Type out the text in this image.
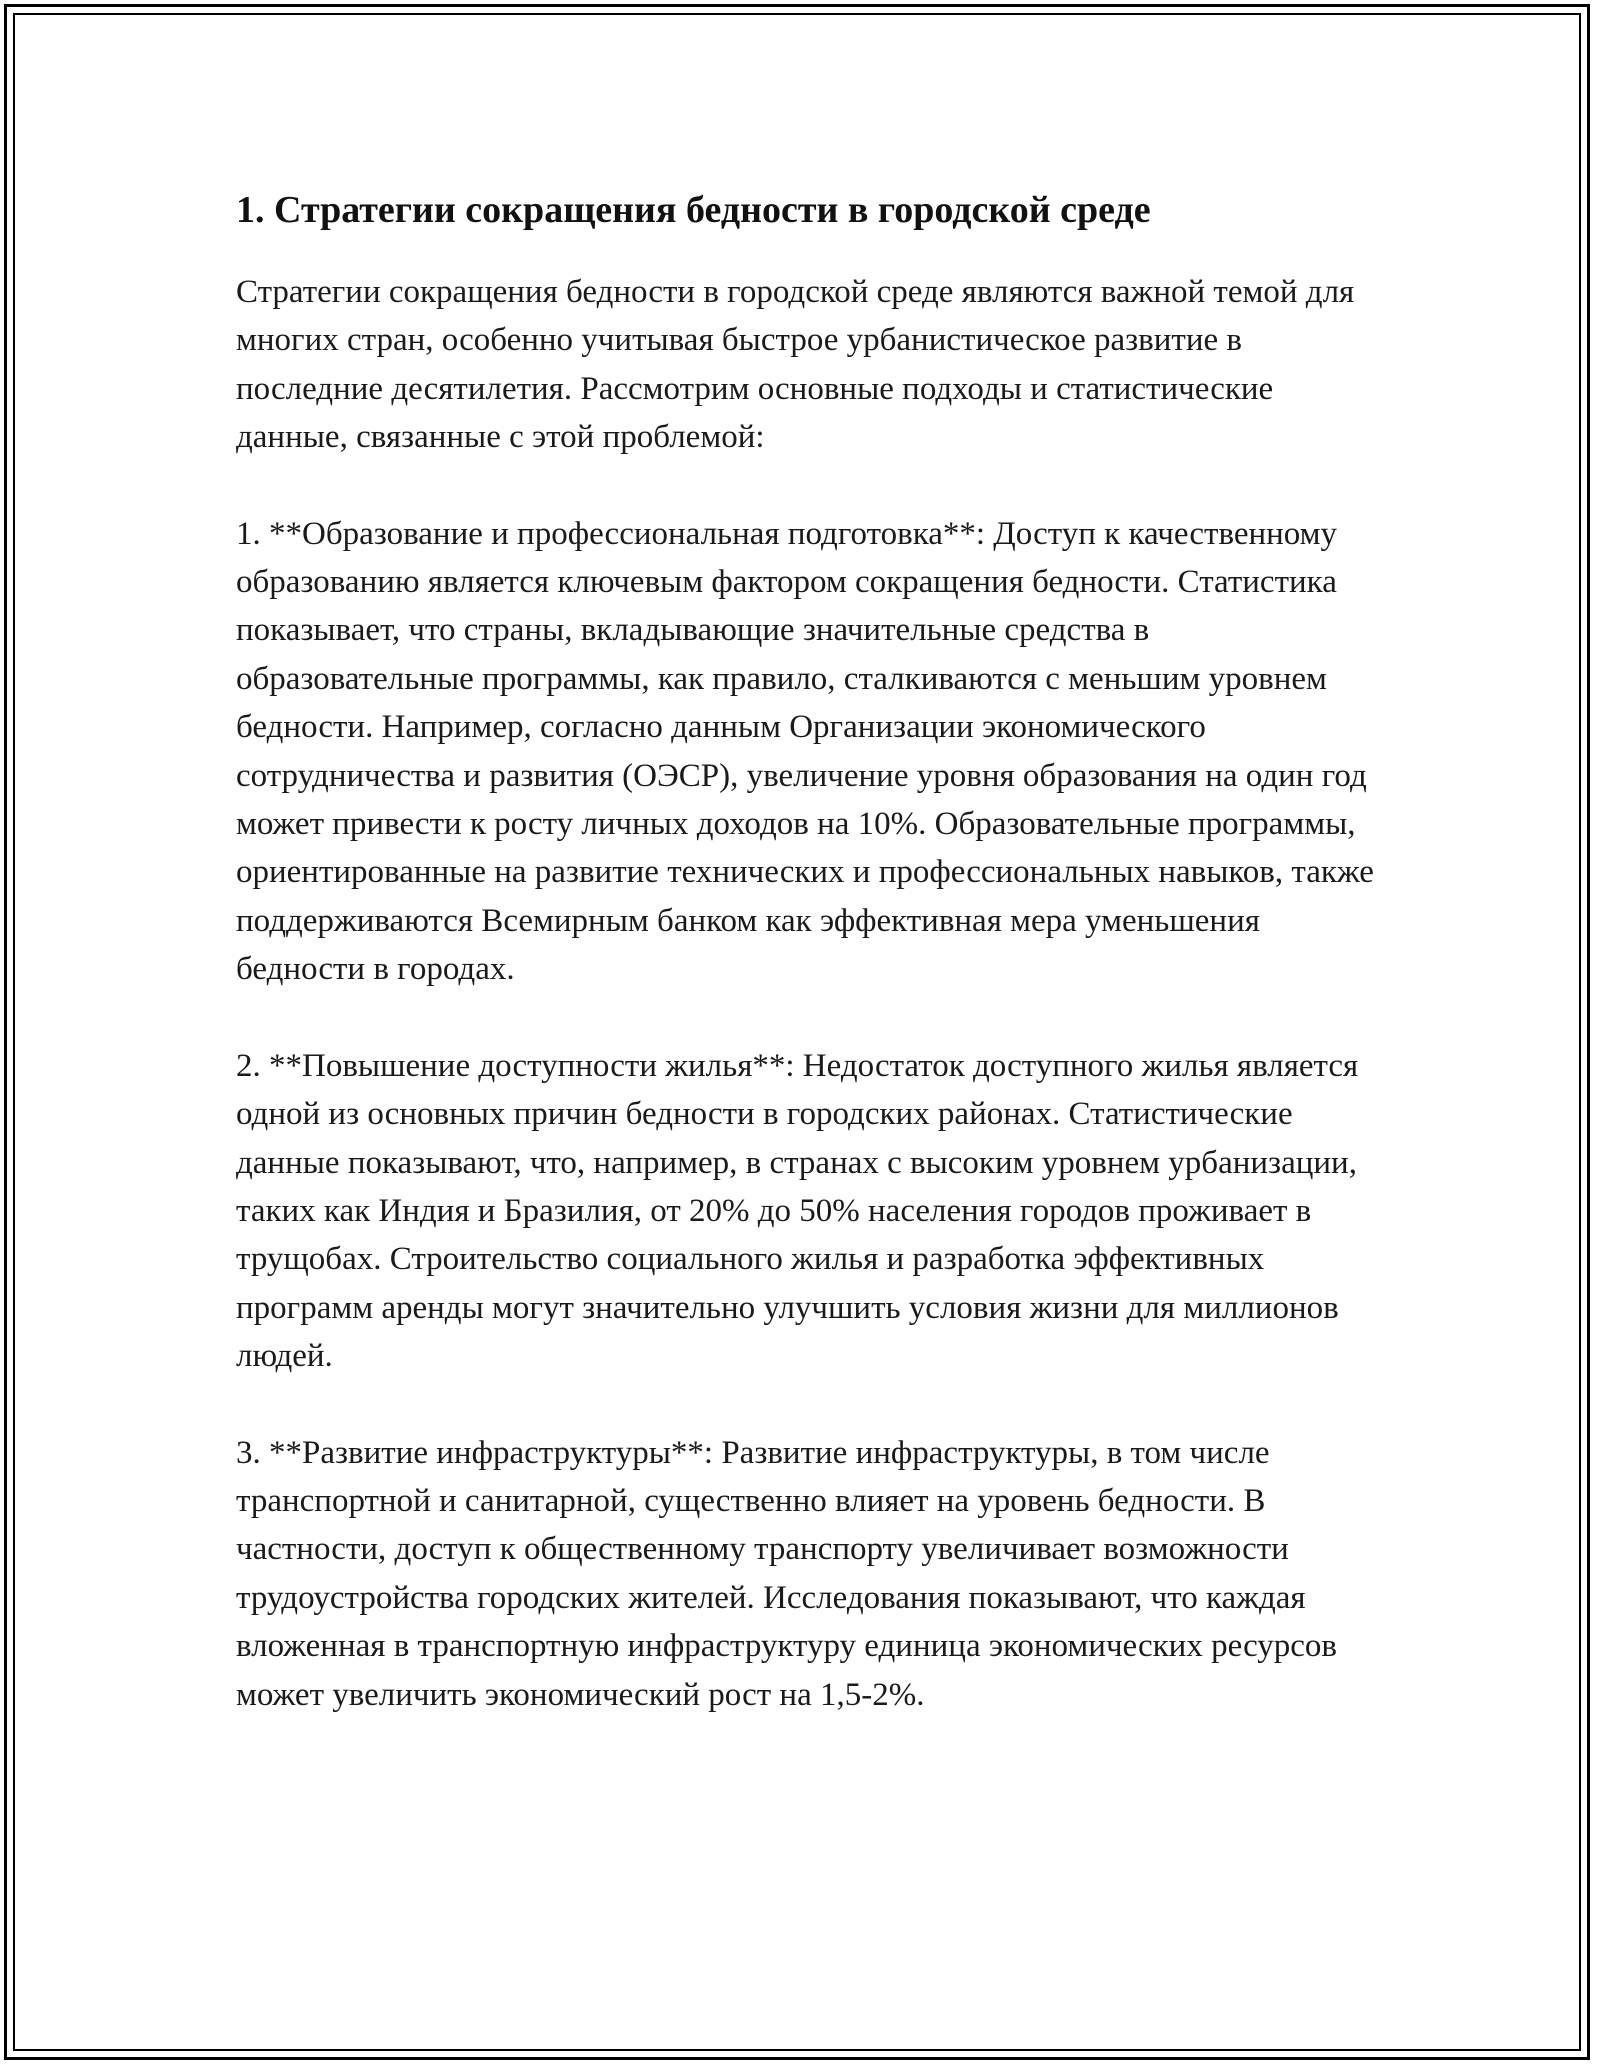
1. Стратегии сокращения бедности в городской среде

Стратегии сокращения бедности в городской среде являются важной темой для многих стран, особенно учитывая быстрое урбанистическое развитие в последние десятилетия. Рассмотрим основные подходы и статистические данные, связанные с этой проблемой:

1. **Образование и профессиональная подготовка**: Доступ к качественному образованию является ключевым фактором сокращения бедности. Статистика показывает, что страны, вкладывающие значительные средства в образовательные программы, как правило, сталкиваются с меньшим уровнем бедности. Например, согласно данным Организации экономического сотрудничества и развития (ОЭСР), увеличение уровня образования на один год может привести к росту личных доходов на 10%. Образовательные программы, ориентированные на развитие технических и профессиональных навыков, также поддерживаются Всемирным банком как эффективная мера уменьшения бедности в городах.

2. **Повышение доступности жилья**: Недостаток доступного жилья является одной из основных причин бедности в городских районах. Статистические данные показывают, что, например, в странах с высоким уровнем урбанизации, таких как Индия и Бразилия, от 20% до 50% населения городов проживает в трущобах. Строительство социального жилья и разработка эффективных программ аренды могут значительно улучшить условия жизни для миллионов людей.

3. **Развитие инфраструктуры**: Развитие инфраструктуры, в том числе транспортной и санитарной, существенно влияет на уровень бедности. В частности, доступ к общественному транспорту увеличивает возможности трудоустройства городских жителей. Исследования показывают, что каждая вложенная в транспортную инфраструктуру единица экономических ресурсов может увеличить экономический рост на 1,5-2%.
